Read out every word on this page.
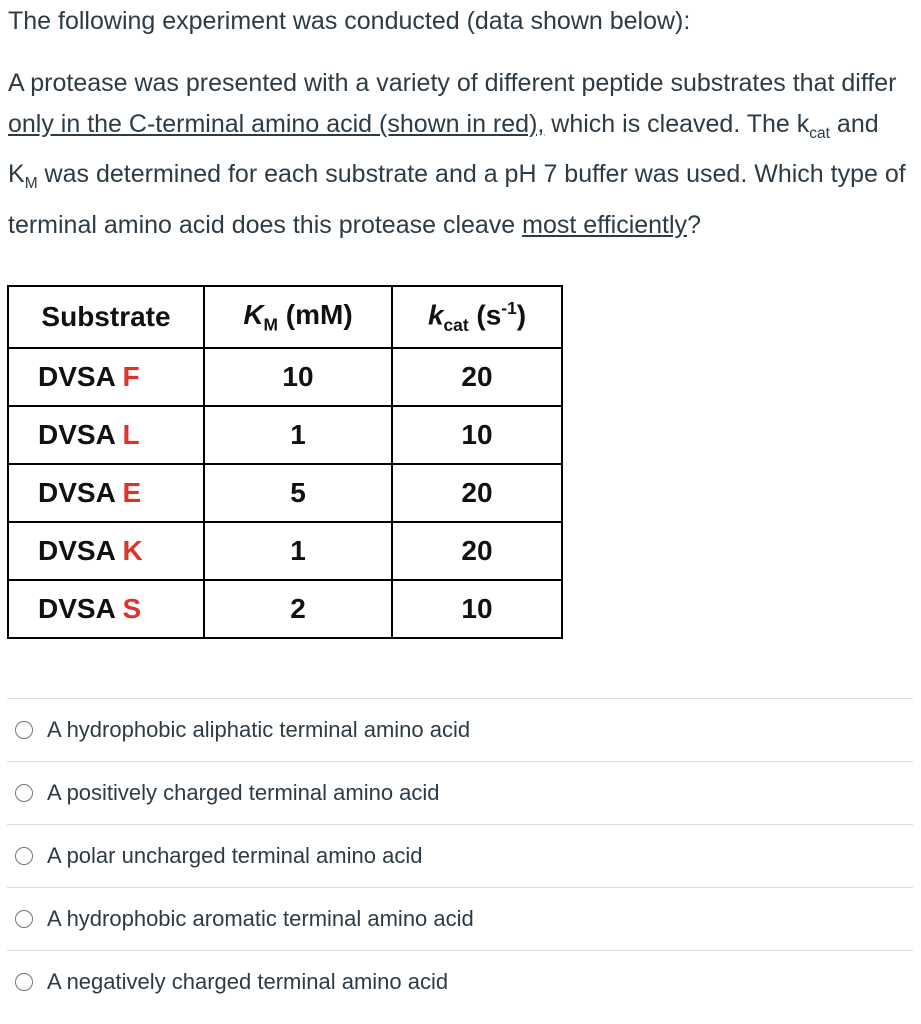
The following experiment was conducted (data shown below):
A protease was presented with a variety of different peptide substrates that differ only in the C-terminal amino acid (shown in red), which is cleaved. The $k_{cat}$ and $K_M$ was determined for each substrate and a pH 7 buffer was used. Which type of terminal amino acid does this protease cleave most efficiently?
Substrate	$K_M$ (mM)	$k_{cat}$ $(s^{-1})$
DVSA F	10	20
DVSA L	1	10
DVSA E	5	20
DVSA K	1	20
DVSA S	2	10
A hydrophobic aliphatic terminal amino acid
A positively charged terminal amino acid
A polar uncharged terminal amino acid
A hydrophobic aromatic terminal amino acid
A negatively charged terminal amino acid
